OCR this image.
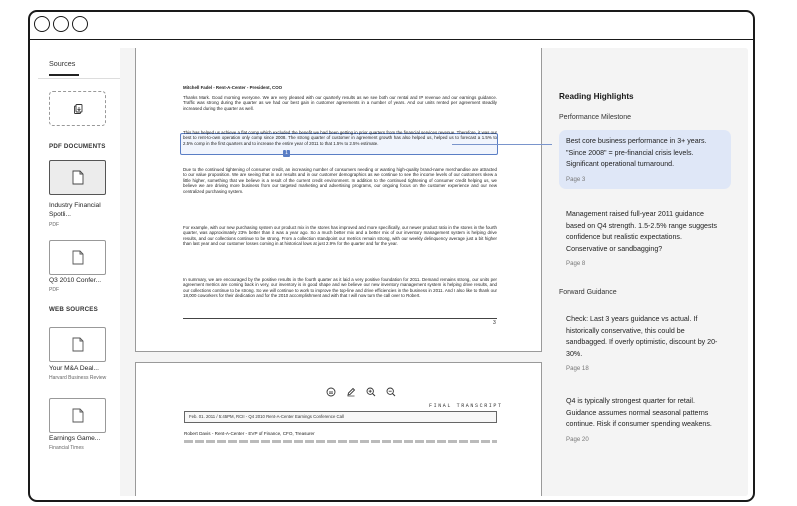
Sources
PDF DOCUMENTS
Industry Financial Spotli...
PDF
Q3 2010 Confer...
PDF
WEB SOURCES
Your M&A Deal...
Harvard Business Review
Earnings Game...
Financial Times
Mitchell Fadel - Rent-A-Center - President, COO
Thanks Mark. Good morning everyone. We are very pleased with our quarterly results as we see both our rental and IP revenue and our earnings guidance. Traffic was strong during the quarter as we had our best gain in customer agreements in a number of years. And our units rented per agreement steadily increased during the quarter as well.
This has helped us achieve a flat comp which excluded the benefit we had been getting in prior quarters from the financial services revenue. Therefore, it was our best to rent-to-own operation only comp since 2008. The strong quarter of customer in agreement growth has also helped us, helped us to forecast a 1.5% to 2.5% comp in the first quarters and to increase the entire year of 2011 to that 1.5% to 2.5% estimate.
1
Due to the continued tightening of consumer credit, an increasing number of consumers needing or wanting high-quality brand-name merchandise are attracted to our value proposition. We are seeing that in our results and in our customer demographics as we continue to see the income levels of our customers skew a little higher, something that we believe is a result of the current credit environment. In addition to the continued tightening of consumer credit helping us, we believe we are driving more business from our targeted marketing and advertising programs, our ongoing focus on the customer experience and our new centralized purchasing system.
For example, with our new purchasing system our product mix in the stores has improved and more specifically, our newer product ratio in the stores in the fourth quarter, was approximately 23% better than it was a year ago. So a much better mix and a better mix of our inventory management system is helping drive results, and our collections continue to be strong. From a collection standpoint our metrics remain strong, with our weekly delinquency average just a bit higher than last year and our customer losses coming in at historical lows at just 2.9% for the quarter and for the year.
In summary, we are encouraged by the positive results in the fourth quarter as it laid a very positive foundation for 2011. Demand remains strong, our units per agreement metrics are coming back in very, our inventory is in good shape and we believe our new inventory management system is helping drive results, and our collections continue to be strong. So we will continue to work to improve the top-line and drive efficiencies in the business in 2011. And I also like to thank our 18,000 coworkers for their dedication and for the 2010 accomplishment and with that I will now turn the call over to Robert.
3
FINAL TRANSCRIPT
Feb. 01. 2011 / 5:45PM, RCII - Q4 2010 Rent-A-Center Earnings Conference Call
Robert Davis - Rent-A-Center - EVP of Finance, CFO, Treasurer
Reading Highlights
Performance Milestone
Best core business performance in 3+ years. "Since 2008" = pre-financial crisis levels. Significant operational turnaround.
Page 3
Management raised full-year 2011 guidance based on Q4 strength. 1.5-2.5% range suggests confidence but realistic expectations. Conservative or sandbagging?
Page 8
Forward Guidance
Check: Last 3 years guidance vs actual. If historically conservative, this could be sandbagged. If overly optimistic, discount by 20-30%.
Page 18
Q4 is typically strongest quarter for retail. Guidance assumes normal seasonal patterns continue. Risk if consumer spending weakens.
Page 20
